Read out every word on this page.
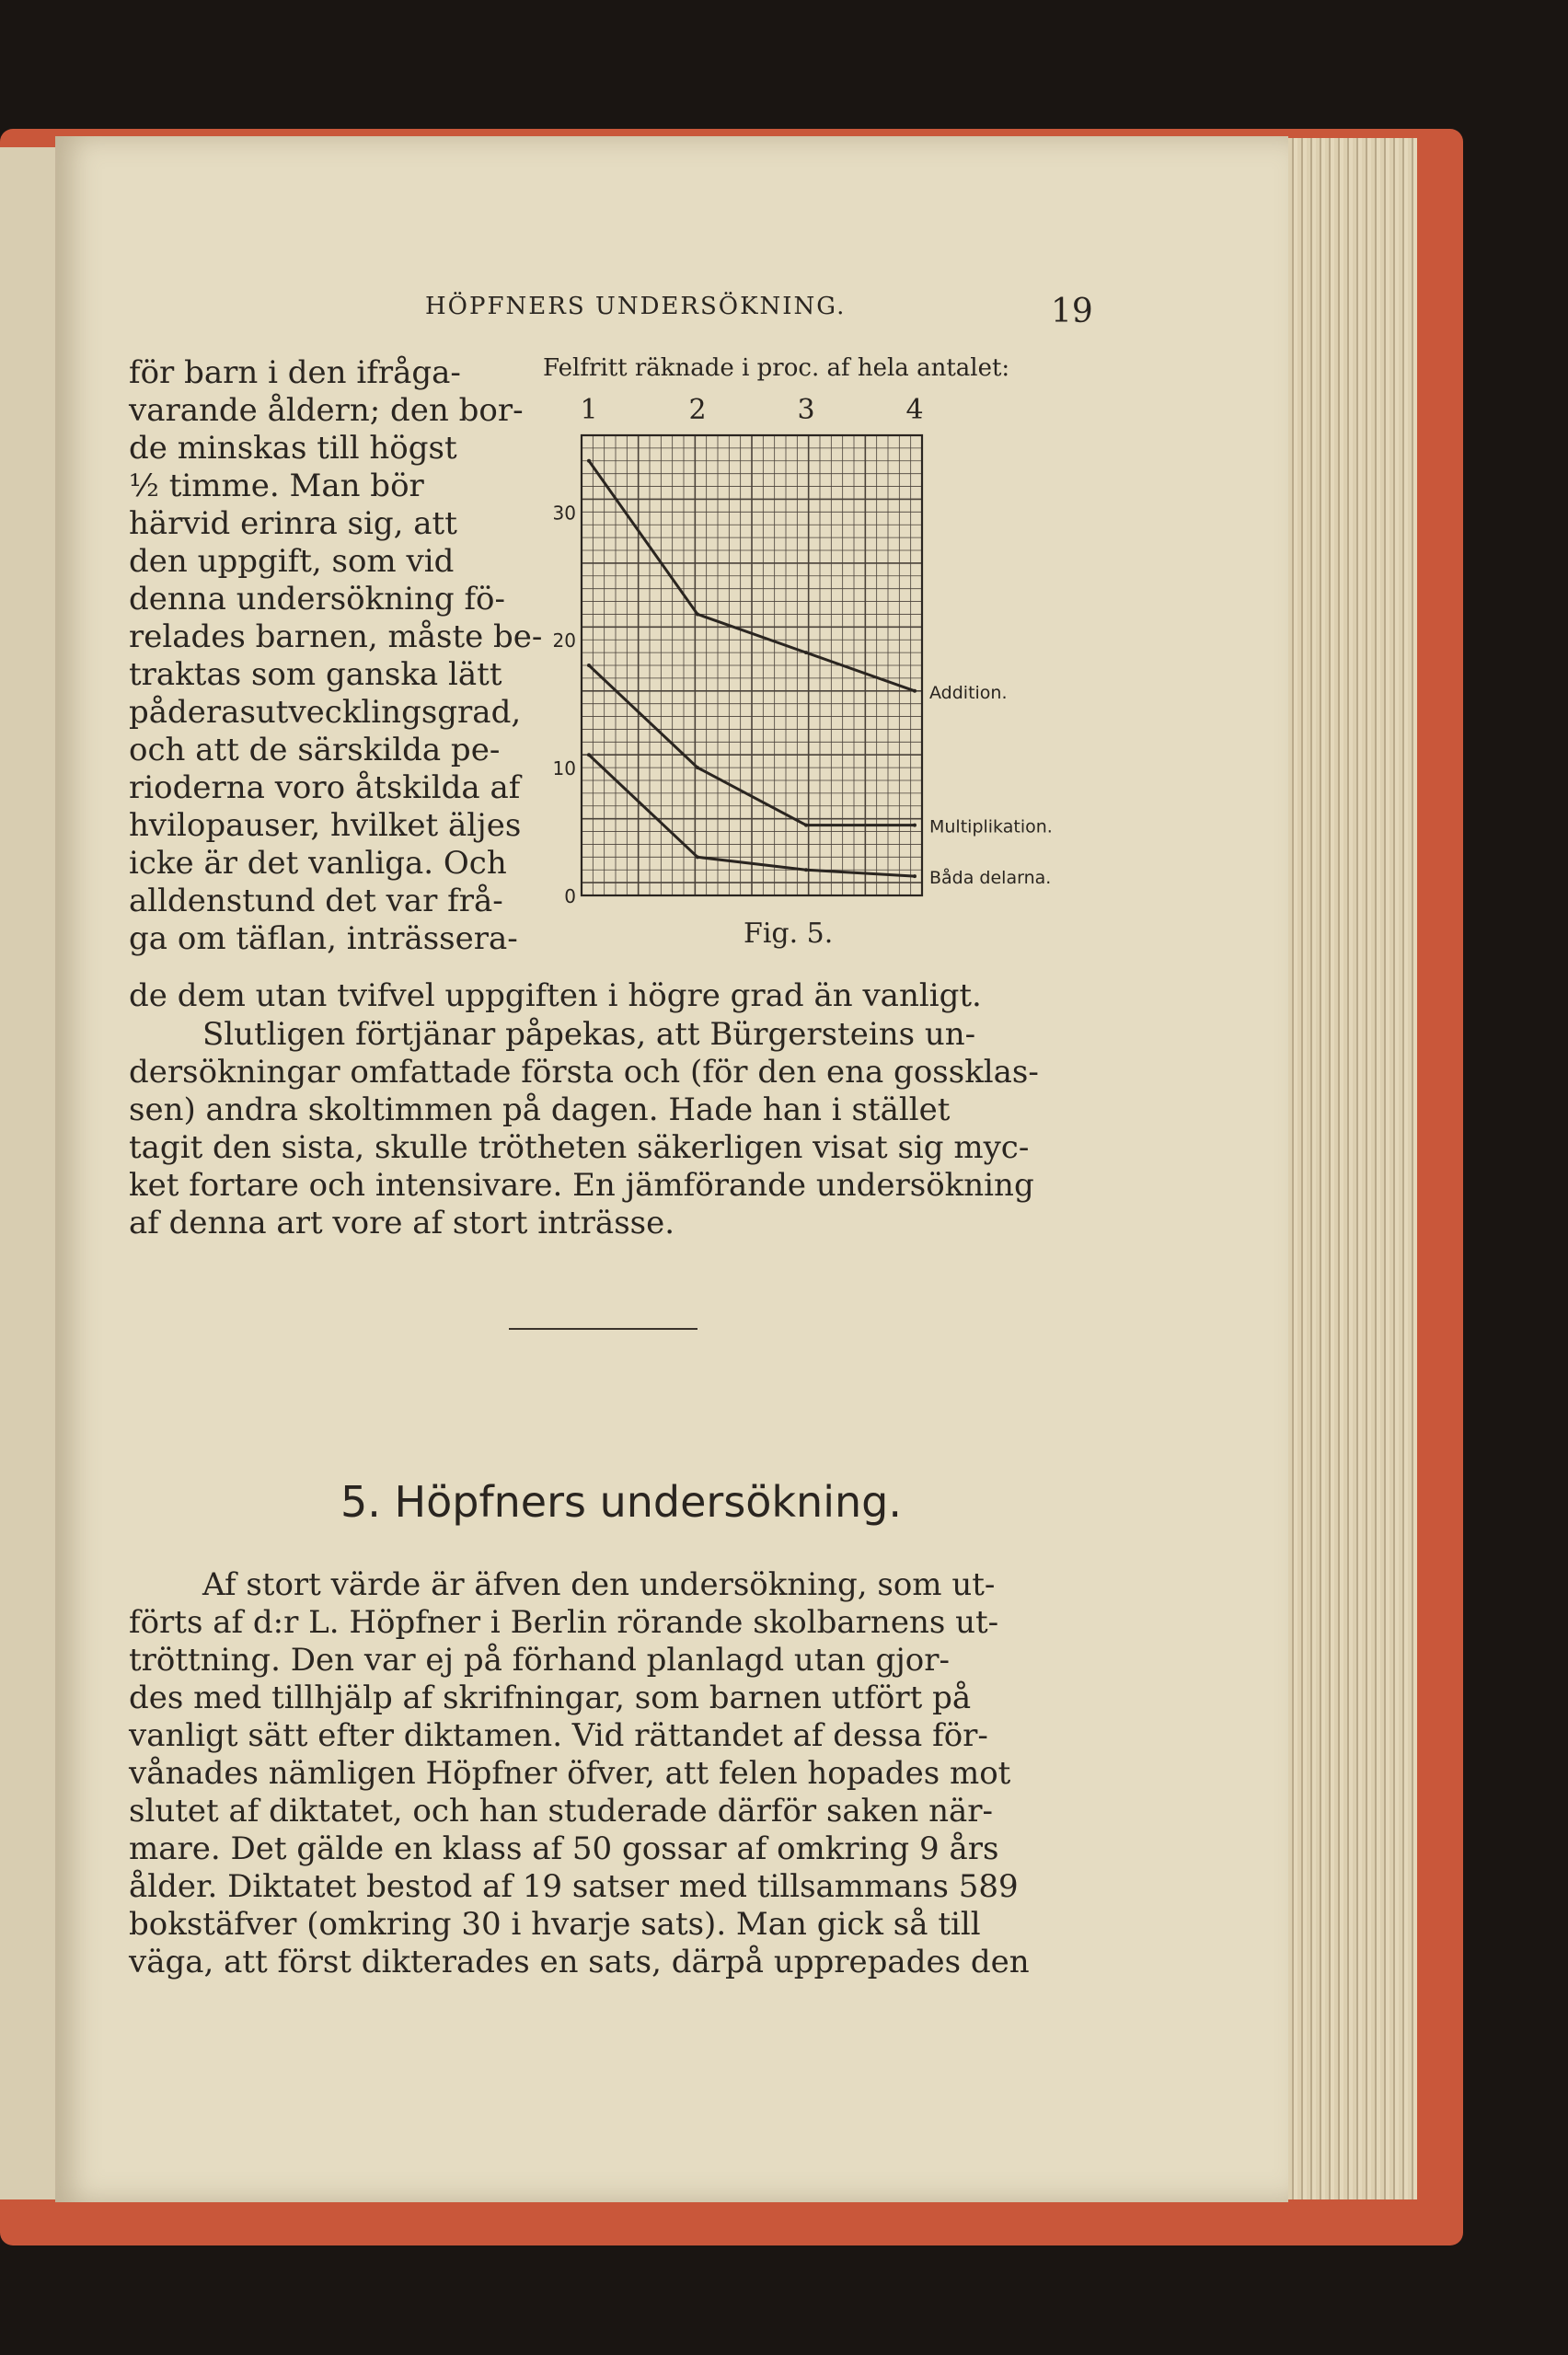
HÖPFNERS UNDERSÖKNING.	19
för barn i den ifråga-
varande åldern; den bor-
de minskas till högst
½ timme. Man bör
härvid erinra sig, att
den uppgift, som vid
denna undersökning fö-
relades barnen, måste be-
traktas som ganska lätt
påderasutvecklingsgrad,
och att de särskilda pe-
rioderna voro åtskilda af
hvilopauser, hvilket äljes
icke är det vanliga. Och
alldenstund det var frå-
ga om täflan, inträssera-
Felfritt räknade i proc. af hela antalet:
0
10
20
30
1	2	3	4
Addition.
Multiplikation.
Båda delarna.
Fig. 5.
de dem utan tvifvel uppgiften i högre grad än vanligt.
Slutligen förtjänar påpekas, att Bürgersteins un-
dersökningar omfattade första och (för den ena gossklas-
sen) andra skoltimmen på dagen. Hade han i stället
tagit den sista, skulle trötheten säkerligen visat sig myc-
ket fortare och intensivare. En jämförande undersökning
af denna art vore af stort inträsse.
5. Höpfners undersökning.
Af stort värde är äfven den undersökning, som ut-
förts af d:r L. Höpfner i Berlin rörande skolbarnens ut-
tröttning. Den var ej på förhand planlagd utan gjor-
des med tillhjälp af skrifningar, som barnen utfört på
vanligt sätt efter diktamen. Vid rättandet af dessa för-
vånades nämligen Höpfner öfver, att felen hopades mot
slutet af diktatet, och han studerade därför saken när-
mare. Det gälde en klass af 50 gossar af omkring 9 års
ålder. Diktatet bestod af 19 satser med tillsammans 589
bokstäfver (omkring 30 i hvarje sats). Man gick så till
väga, att först dikterades en sats, därpå upprepades den
